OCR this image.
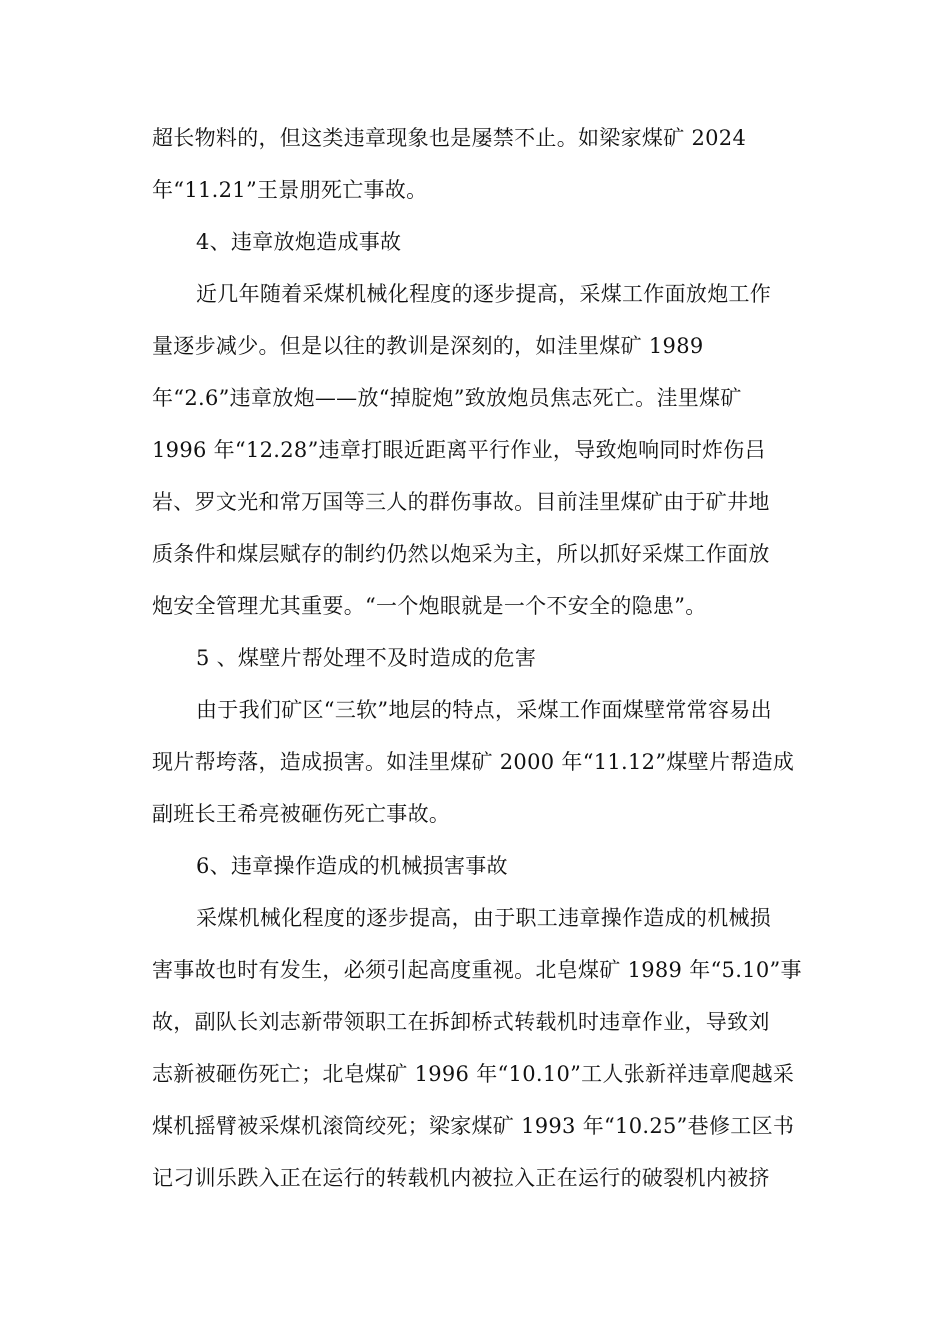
超长物料的，但这类违章现象也是屡禁不止。如梁家煤矿 2024
年“11.21”王景朋死亡事故。
4、违章放炮造成事故
近几年随着采煤机械化程度的逐步提高，采煤工作面放炮工作
量逐步减少。但是以往的教训是深刻的，如洼里煤矿 1989
年“2.6”违章放炮——放“掉腚炮”致放炮员焦志死亡。洼里煤矿
1996 年“12.28”违章打眼近距离平行作业，导致炮响同时炸伤吕
岩、罗文光和常万国等三人的群伤事故。目前洼里煤矿由于矿井地
质条件和煤层赋存的制约仍然以炮采为主，所以抓好采煤工作面放
炮安全管理尤其重要。“一个炮眼就是一个不安全的隐患”。
5 、煤壁片帮处理不及时造成的危害
由于我们矿区“三软”地层的特点，采煤工作面煤壁常常容易出
现片帮垮落，造成损害。如洼里煤矿 2000 年“11.12”煤壁片帮造成
副班长王希亮被砸伤死亡事故。
6、违章操作造成的机械损害事故
采煤机械化程度的逐步提高，由于职工违章操作造成的机械损
害事故也时有发生，必须引起高度重视。北皂煤矿 1989 年“5.10”事
故，副队长刘志新带领职工在拆卸桥式转载机时违章作业，导致刘
志新被砸伤死亡；北皂煤矿 1996 年“10.10”工人张新祥违章爬越采
煤机摇臂被采煤机滚筒绞死；梁家煤矿 1993 年“10.25”巷修工区书
记刁训乐跌入正在运行的转载机内被拉入正在运行的破裂机内被挤
